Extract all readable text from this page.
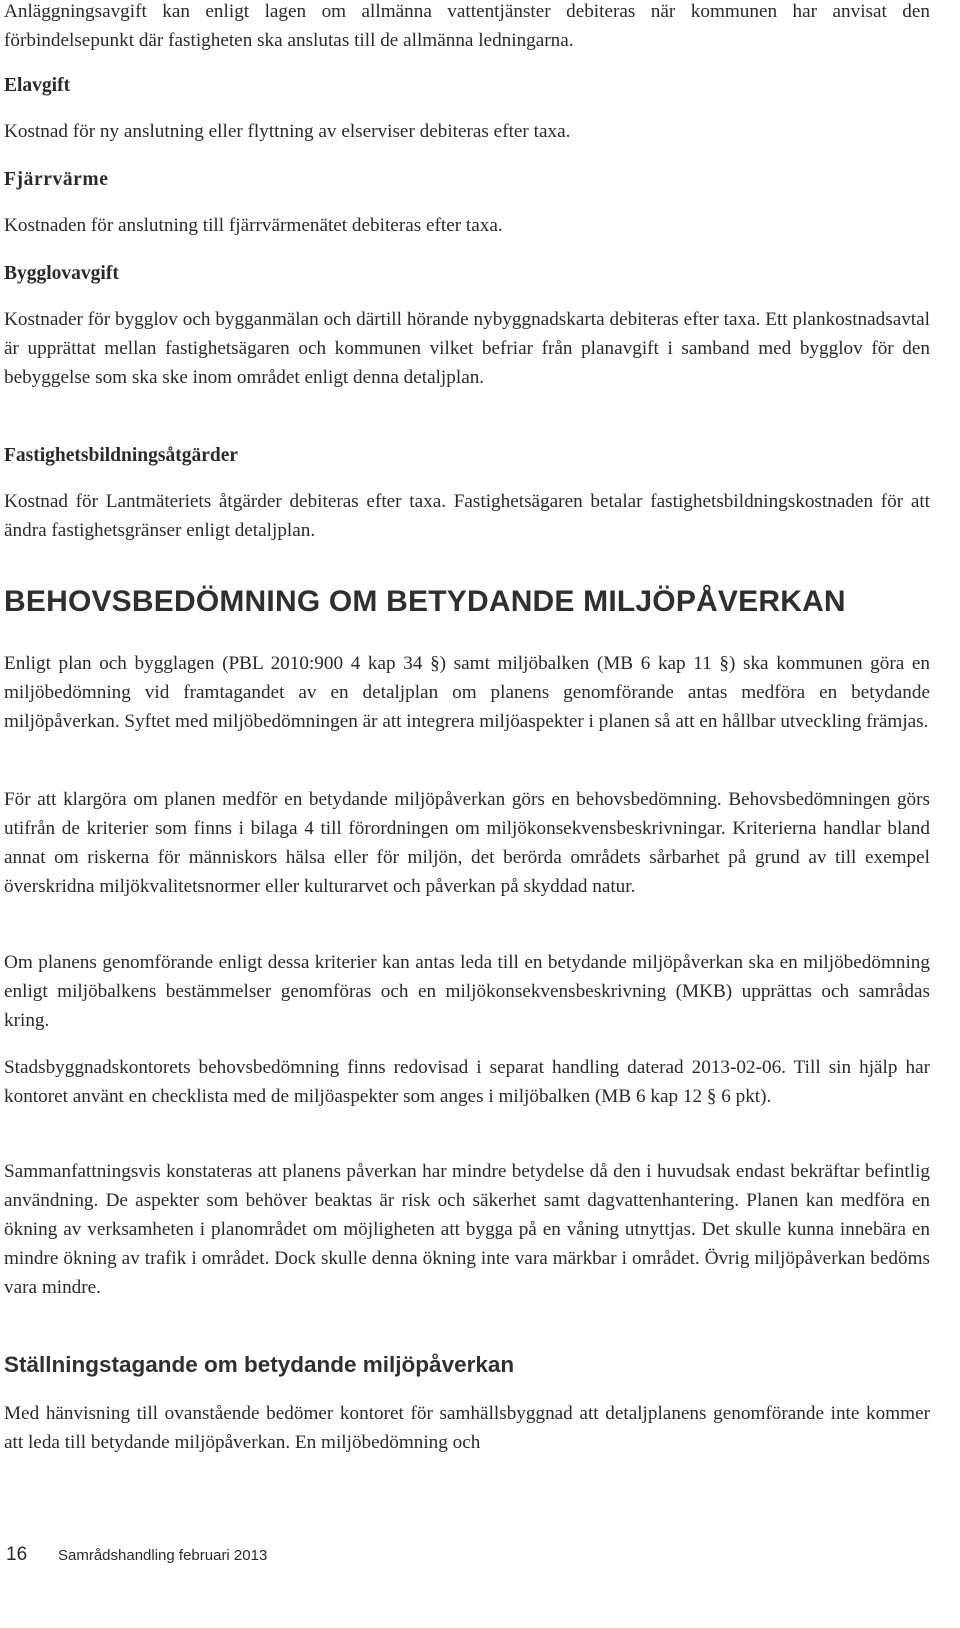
Anläggningsavgift kan enligt lagen om allmänna vattentjänster debiteras när kommunen har anvisat den förbindelsepunkt där fastigheten ska anslutas till de allmänna ledningarna.

Elavgift

Kostnad för ny anslutning eller flyttning av elserviser debiteras efter taxa.

Fjärrvärme

Kostnaden för anslutning till fjärrvärmenätet debiteras efter taxa.

Bygglovavgift

Kostnader för bygglov och bygganmälan och därtill hörande nybyggnadskarta debiteras efter taxa. Ett plankostnadsavtal är upprättat mellan fastighetsägaren och kommunen vilket befriar från planavgift i samband med bygglov för den bebyggelse som ska ske inom området enligt denna detaljplan.

Fastighetsbildningsåtgärder

Kostnad för Lantmäteriets åtgärder debiteras efter taxa. Fastighetsägaren betalar fastighetsbildningskostnaden för att ändra fastighetsgränser enligt detaljplan.

BEHOVSBEDÖMNING OM BETYDANDE MILJÖPÅVERKAN

Enligt plan och bygglagen (PBL 2010:900 4 kap 34 §) samt miljöbalken (MB 6 kap 11 §) ska kommunen göra en miljöbedömning vid framtagandet av en detaljplan om planens genomförande antas medföra en betydande miljöpåverkan. Syftet med miljöbedömningen är att integrera miljöaspekter i planen så att en hållbar utveckling främjas.

För att klargöra om planen medför en betydande miljöpåverkan görs en behovsbedömning. Behovsbedömningen görs utifrån de kriterier som finns i bilaga 4 till förordningen om miljökonsekvensbeskrivningar. Kriterierna handlar bland annat om riskerna för människors hälsa eller för miljön, det berörda områdets sårbarhet på grund av till exempel överskridna miljökvalitetsnormer eller kulturarvet och påverkan på skyddad natur.

Om planens genomförande enligt dessa kriterier kan antas leda till en betydande miljöpåverkan ska en miljöbedömning enligt miljöbalkens bestämmelser genomföras och en miljökonsekvensbeskrivning (MKB) upprättas och samrådas kring.

Stadsbyggnadskontorets behovsbedömning finns redovisad i separat handling daterad 2013-02-06. Till sin hjälp har kontoret använt en checklista med de miljöaspekter som anges i miljöbalken (MB 6 kap 12 § 6 pkt).

Sammanfattningsvis konstateras att planens påverkan har mindre betydelse då den i huvudsak endast bekräftar befintlig användning. De aspekter som behöver beaktas är risk och säkerhet samt dagvattenhantering. Planen kan medföra en ökning av verksamheten i planområdet om möjligheten att bygga på en våning utnyttjas. Det skulle kunna innebära en mindre ökning av trafik i området. Dock skulle denna ökning inte vara märkbar i området. Övrig miljöpåverkan bedöms vara mindre.

Ställningstagande om betydande miljöpåverkan

Med hänvisning till ovanstående bedömer kontoret för samhällsbyggnad att detaljplanens genomförande inte kommer att leda till betydande miljöpåverkan. En miljöbedömning och

16 Samrådshandling februari 2013
